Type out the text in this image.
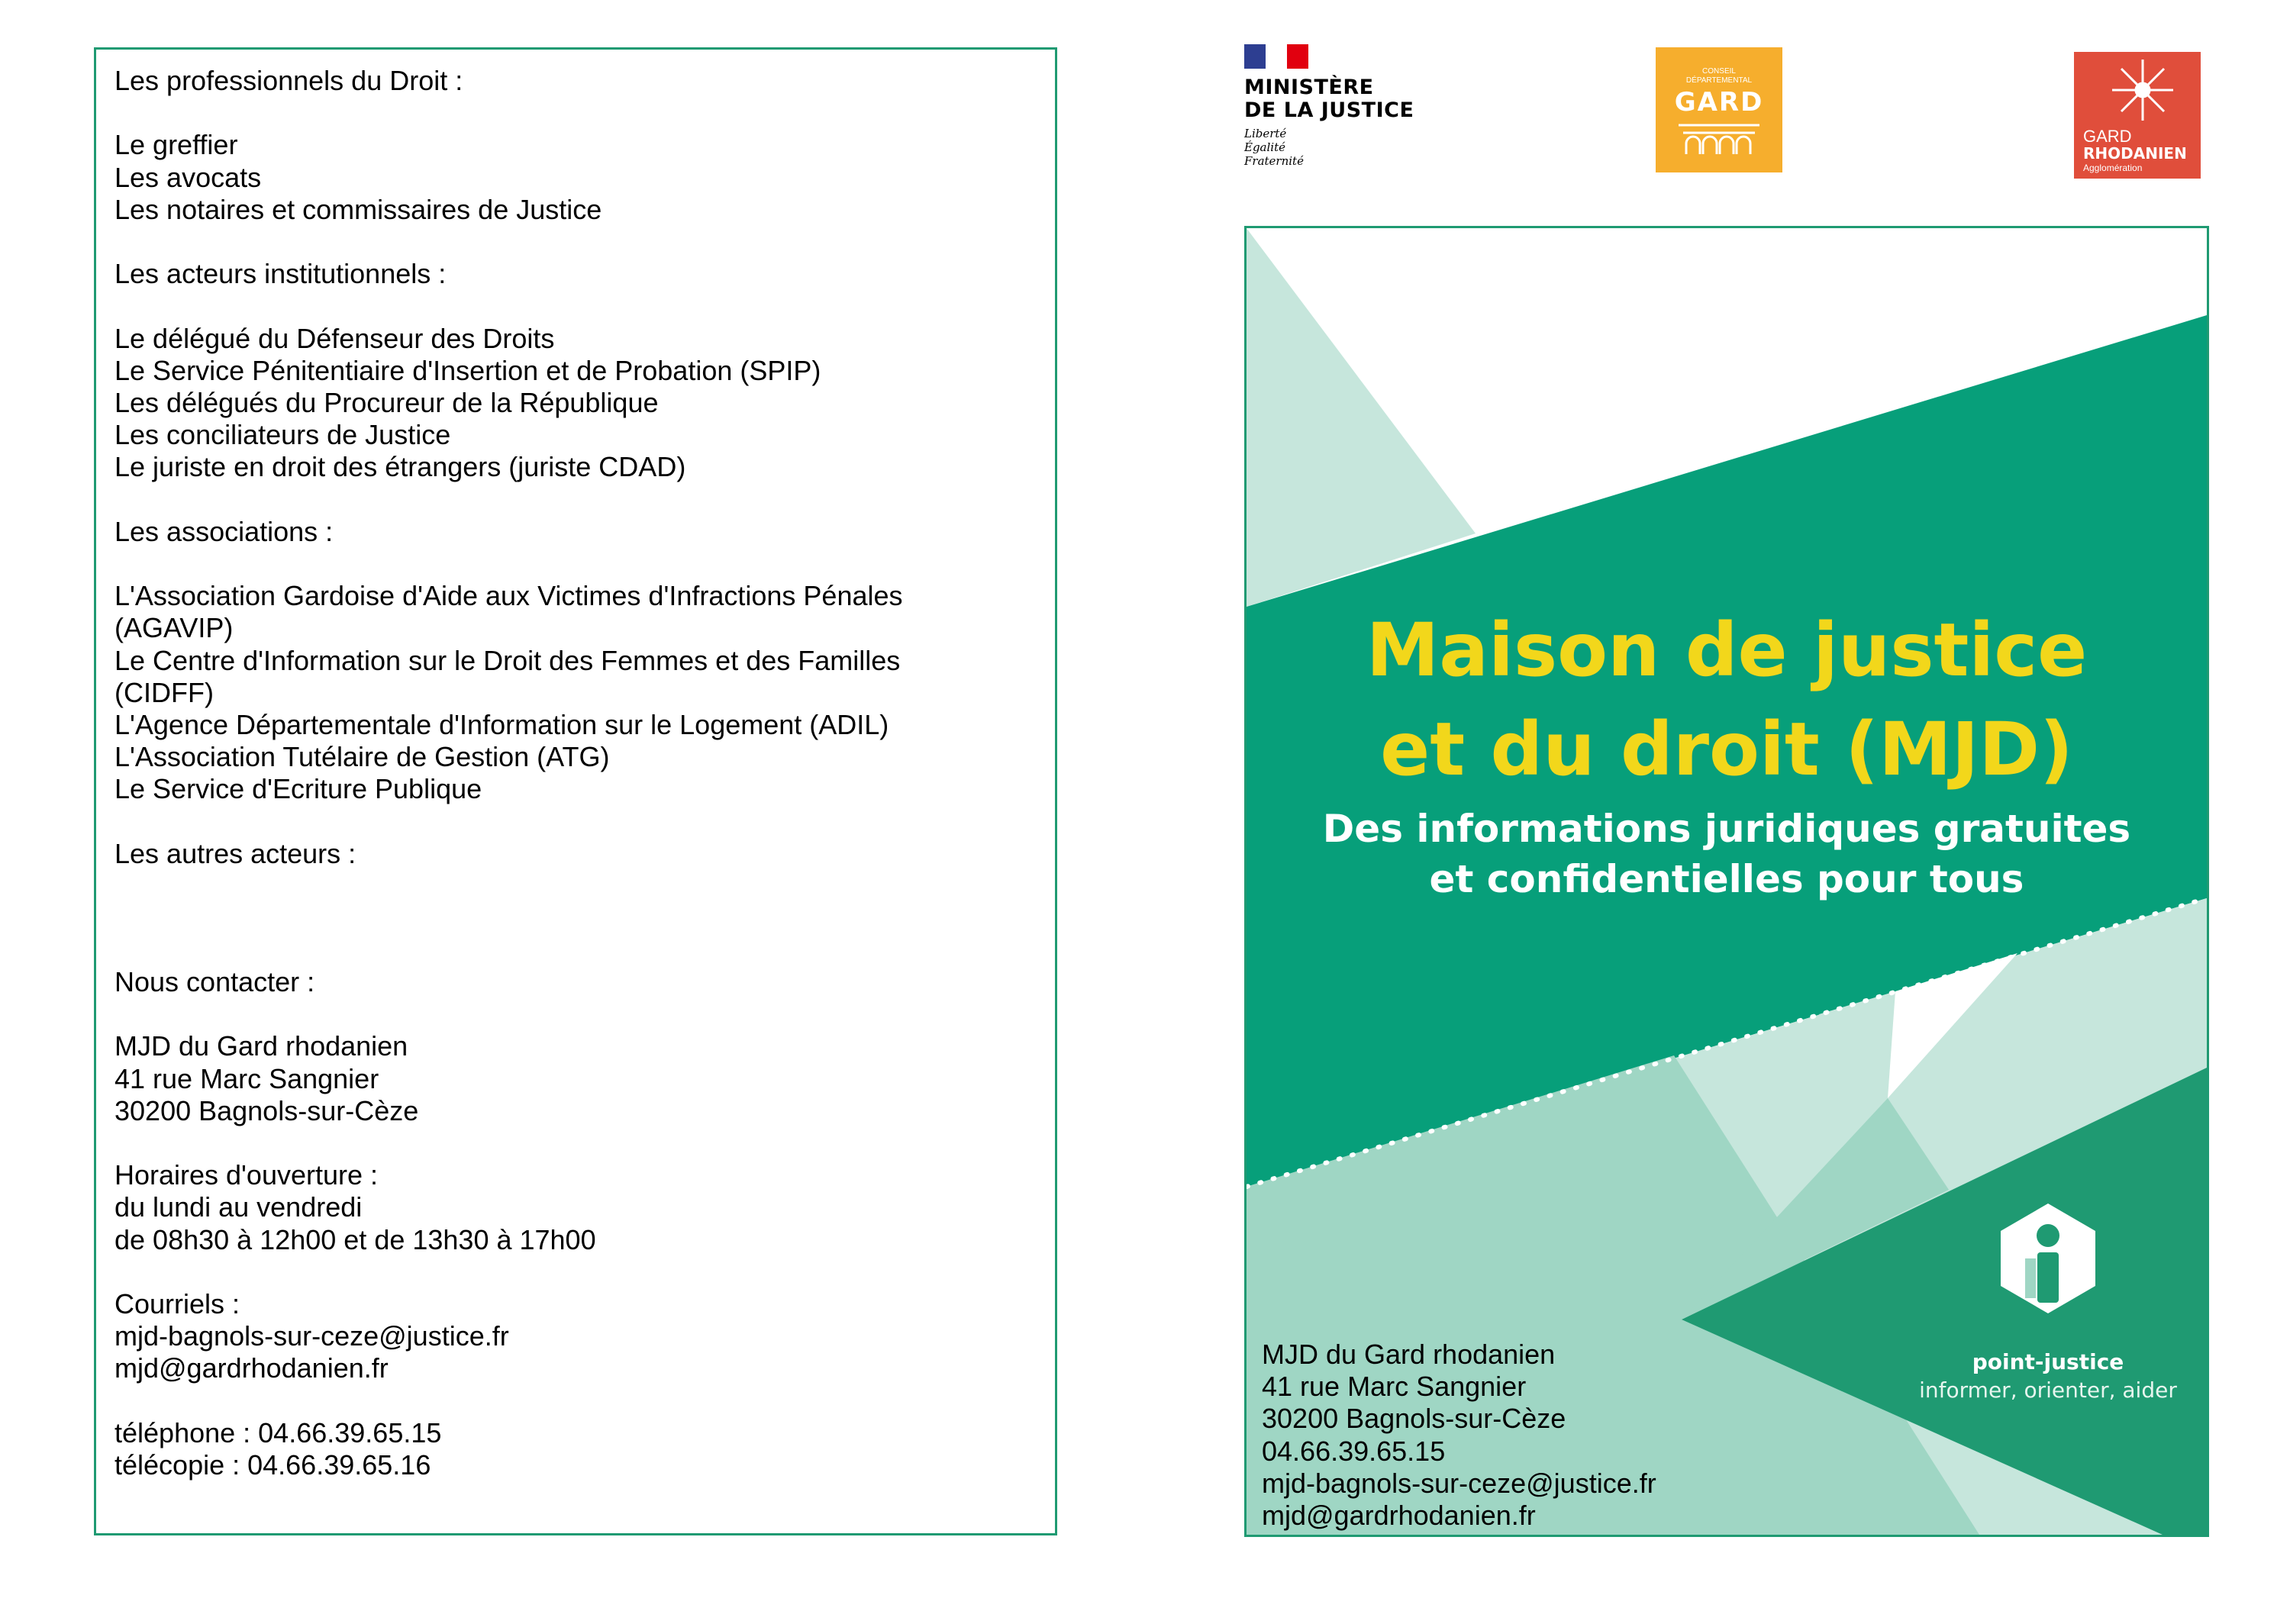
Les professionnels du Droit :
Le greffier
Les avocats
Les notaires et commissaires de Justice
Les acteurs institutionnels :
Le délégué du Défenseur des Droits
Le Service Pénitentiaire d'Insertion et de Probation (SPIP)
Les délégués du Procureur de la République
Les conciliateurs de Justice
Le juriste en droit des étrangers (juriste CDAD)
Les associations :
L'Association Gardoise d'Aide aux Victimes d'Infractions Pénales
(AGAVIP)
Le Centre d'Information sur le Droit des Femmes et des Familles
(CIDFF)
L'Agence Départementale d'Information sur le Logement (ADIL)
L'Association Tutélaire de Gestion (ATG)
Le Service d'Ecriture Publique
Les autres acteurs :
Nous contacter :
MJD du Gard rhodanien
41 rue Marc Sangnier
30200 Bagnols-sur-Cèze
Horaires d'ouverture :
du lundi au vendredi
de 08h30 à 12h00 et de 13h30 à 17h00
Courriels :
mjd-bagnols-sur-ceze@justice.fr
mjd@gardrhodanien.fr
téléphone : 04.66.39.65.15
télécopie : 04.66.39.65.16
MINISTÈRE
DE LA JUSTICE
Liberté
Égalité
Fraternité
CONSEIL
DÉPARTEMENTAL
GARD
GARD
RHODANIEN
Agglomération
Maison de justice
et du droit (MJD)
Des informations juridiques gratuites
et confidentielles pour tous
point-justice
informer, orienter, aider
MJD du Gard rhodanien
41 rue Marc Sangnier
30200 Bagnols-sur-Cèze
04.66.39.65.15
mjd-bagnols-sur-ceze@justice.fr
mjd@gardrhodanien.fr
